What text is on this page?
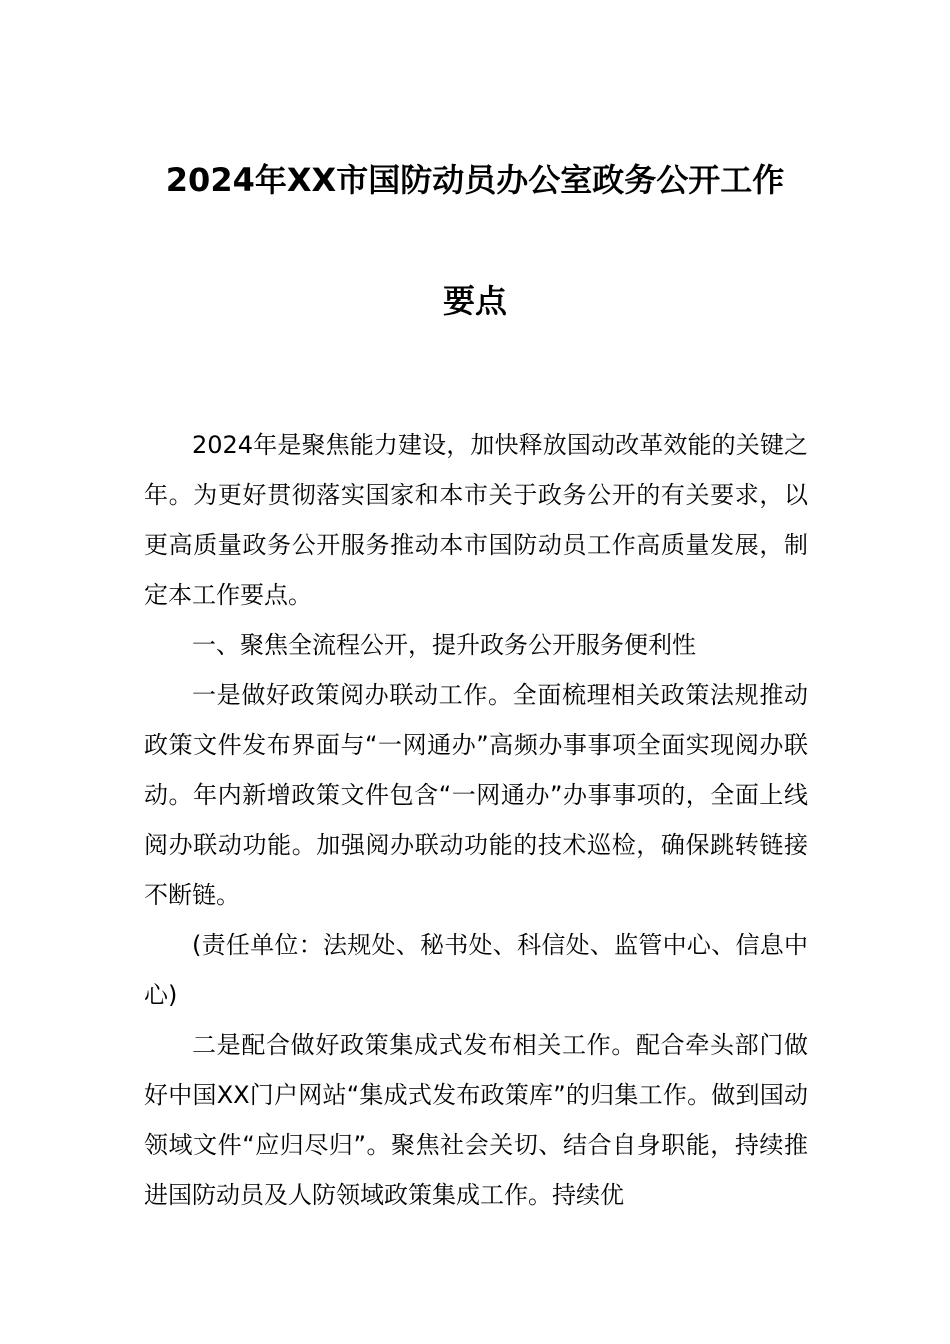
2024年XX市国防动员办公室政务公开工作
要点

2024年是聚焦能力建设，加快释放国动改革效能的关键之年。为更好贯彻落实国家和本市关于政务公开的有关要求，以更高质量政务公开服务推动本市国防动员工作高质量发展，制定本工作要点。

一、聚焦全流程公开，提升政务公开服务便利性

一是做好政策阅办联动工作。全面梳理相关政策法规推动政策文件发布界面与“一网通办”高频办事事项全面实现阅办联动。年内新增政策文件包含“一网通办”办事事项的，全面上线阅办联动功能。加强阅办联动功能的技术巡检，确保跳转链接不断链。

(责任单位：法规处、秘书处、科信处、监管中心、信息中心)

二是配合做好政策集成式发布相关工作。配合牵头部门做好中国XX门户网站“集成式发布政策库”的归集工作。做到国动领域文件“应归尽归”。聚焦社会关切、结合自身职能，持续推进国防动员及人防领域政策集成工作。持续优
